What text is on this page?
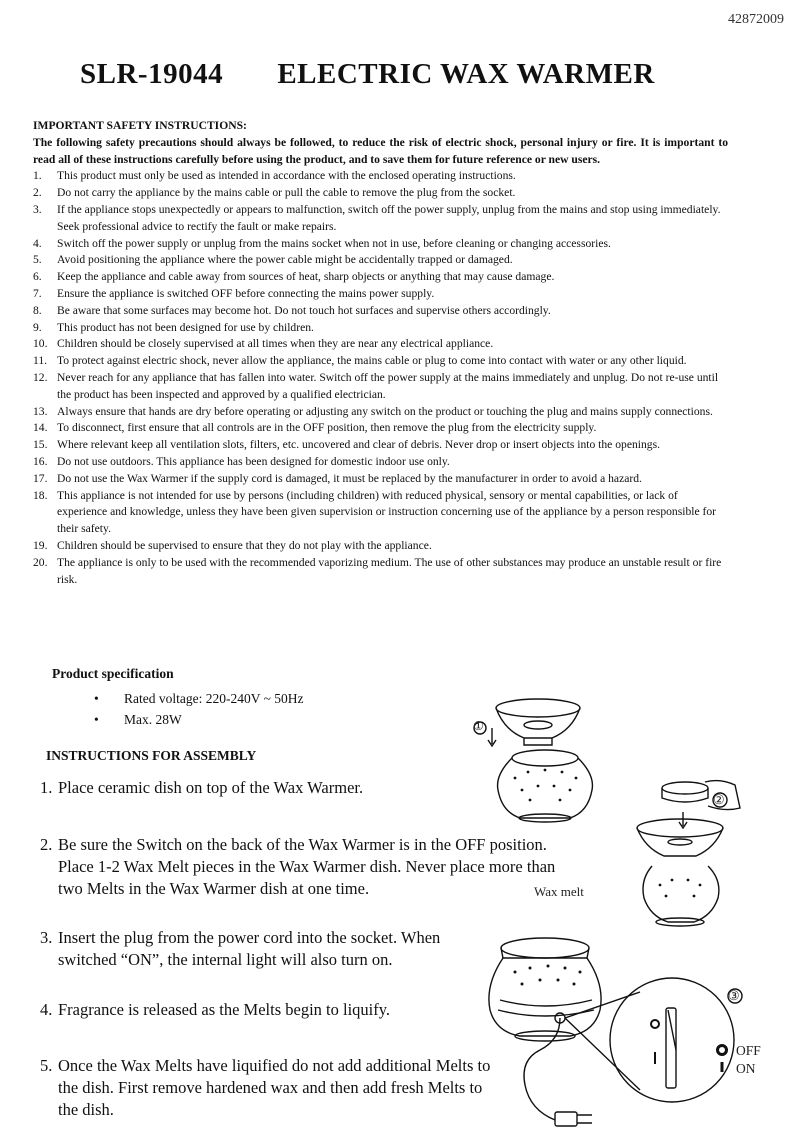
42872009
SLR-19044       ELECTRIC WAX WARMER
IMPORTANT SAFETY INSTRUCTIONS:
The following safety precautions should always be followed, to reduce the risk of electric shock, personal injury or fire. It is important to read all of these instructions carefully before using the product, and to save them for future reference or new users.
1. This product must only be used as intended in accordance with the enclosed operating instructions.
2. Do not carry the appliance by the mains cable or pull the cable to remove the plug from the socket.
3. If the appliance stops unexpectedly or appears to malfunction, switch off the power supply, unplug from the mains and stop using immediately. Seek professional advice to rectify the fault or make repairs.
4. Switch off the power supply or unplug from the mains socket when not in use, before cleaning or changing accessories.
5. Avoid positioning the appliance where the power cable might be accidentally trapped or damaged.
6. Keep the appliance and cable away from sources of heat, sharp objects or anything that may cause damage.
7. Ensure the appliance is switched OFF before connecting the mains power supply.
8. Be aware that some surfaces may become hot. Do not touch hot surfaces and supervise others accordingly.
9. This product has not been designed for use by children.
10. Children should be closely supervised at all times when they are near any electrical appliance.
11. To protect against electric shock, never allow the appliance, the mains cable or plug to come into contact with water or any other liquid.
12. Never reach for any appliance that has fallen into water. Switch off the power supply at the mains immediately and unplug. Do not re-use until the product has been inspected and approved by a qualified electrician.
13. Always ensure that hands are dry before operating or adjusting any switch on the product or touching the plug and mains supply connections.
14. To disconnect, first ensure that all controls are in the OFF position, then remove the plug from the electricity supply.
15. Where relevant keep all ventilation slots, filters, etc. uncovered and clear of debris. Never drop or insert objects into the openings.
16. Do not use outdoors. This appliance has been designed for domestic indoor use only.
17. Do not use the Wax Warmer if the supply cord is damaged, it must be replaced by the manufacturer in order to avoid a hazard.
18. This appliance is not intended for use by persons (including children) with reduced physical, sensory or mental capabilities, or lack of experience and knowledge, unless they have been given supervision or instruction concerning use of the appliance by a person responsible for their safety.
19. Children should be supervised to ensure that they do not play with the appliance.
20. The appliance is only to be used with the recommended vaporizing medium. The use of other substances may produce an unstable result or fire risk.
Product specification
• Rated voltage: 220-240V ~ 50Hz
• Max. 28W
INSTRUCTIONS FOR ASSEMBLY
1. Place ceramic dish on top of the Wax Warmer.
2. Be sure the Switch on the back of the Wax Warmer is in the OFF position. Place 1-2 Wax Melt pieces in the Wax Warmer dish. Never place more than two Melts in the Wax Warmer dish at one time.
3. Insert the plug from the power cord into the socket. When switched “ON”, the internal light will also turn on.
4. Fragrance is released as the Melts begin to liquify.
5. Once the Wax Melts have liquified do not add additional Melts to the dish. First remove hardened wax and then add fresh Melts to the dish.
①
②
③
Wax melt
OFF
ON
